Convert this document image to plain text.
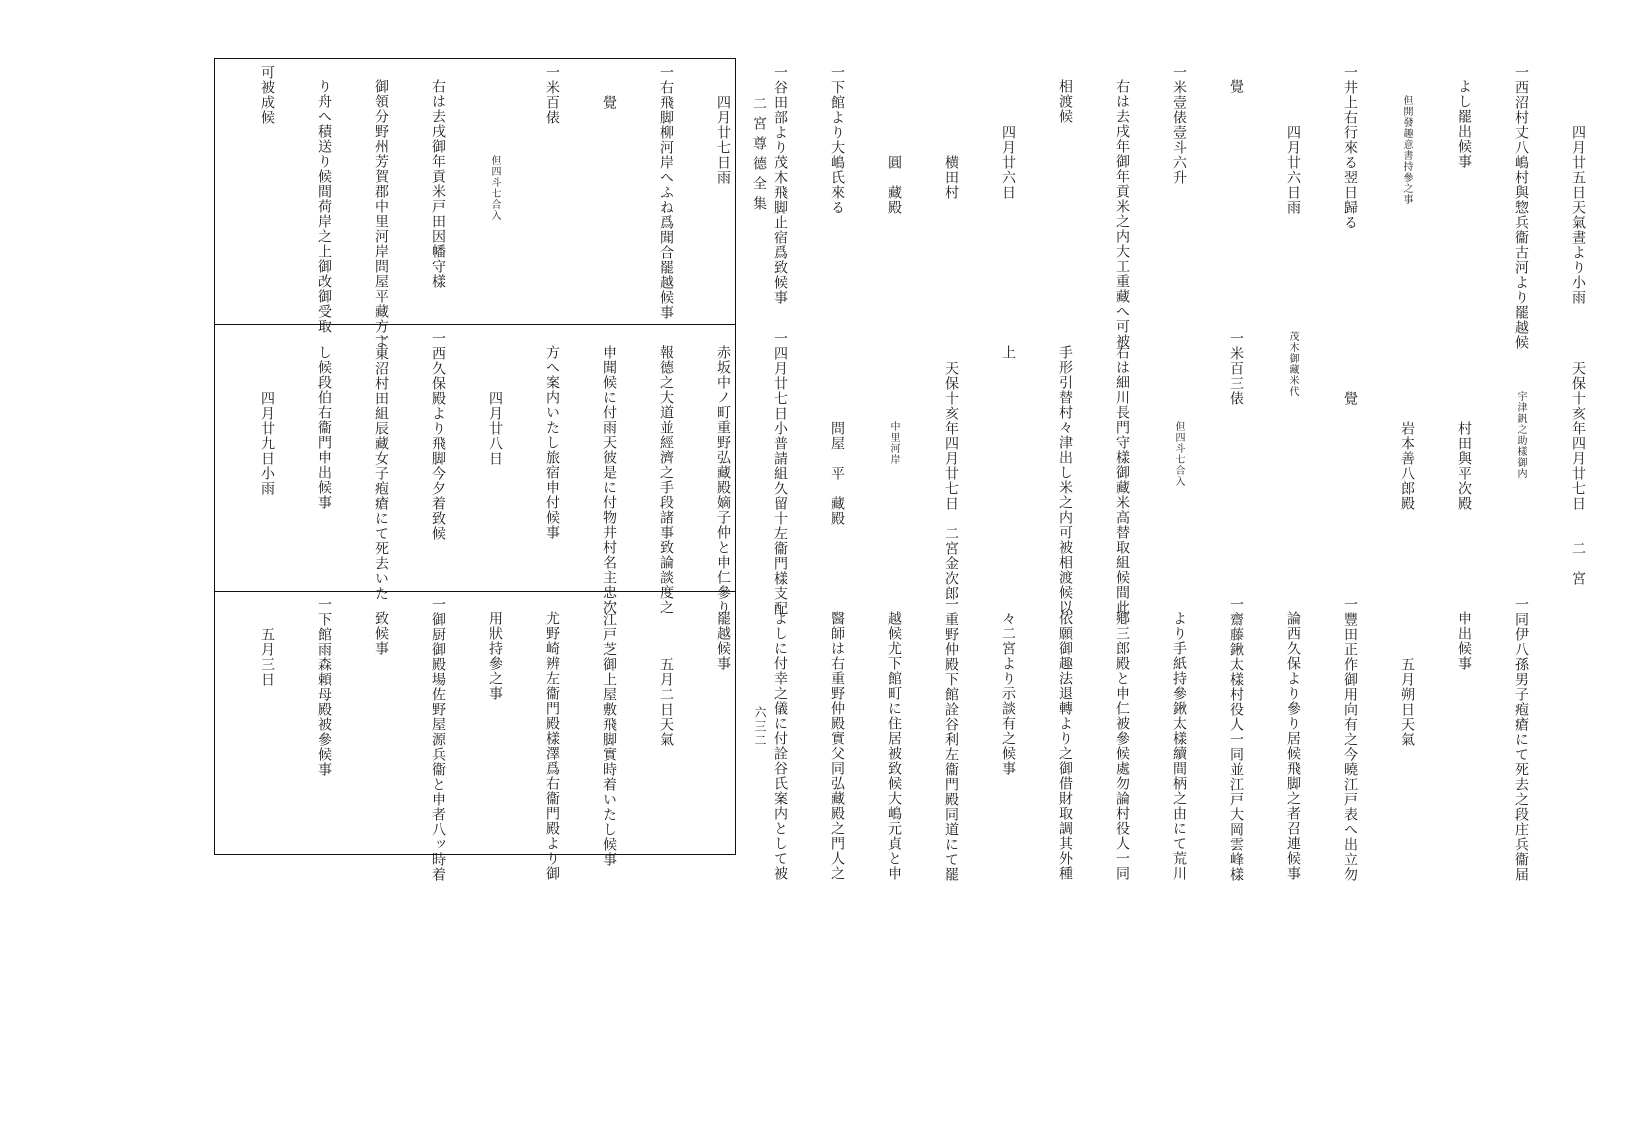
二宮尊德全集

	四月廿五日天氣晝より小雨

一西沼村丈八嶋村與惣兵衞古河より罷越候

よし罷出候事

但開發趣意書持參之事

一井上右行來る翌日歸る

四月廿六日雨

覺

一米壹俵壹斗六升

右は去戌年御年貢米之内大工重藏へ可被

相渡候

四月廿六日

横田村

圓　藏殿

一下館より大嶋氏來る

一谷田部より茂木飛脚止宿爲致候事

四月廿七日雨

一右飛脚柳河岸へふね爲聞合罷越候事

覺

一米百俵

但四斗七合入

右は去戌御年貢米戸田因幡守樣

御領分野州芳賀郡中里河岸問屋平藏方よ

り舟へ積送り候間荷岸之上御改御受取

可被成候

天保十亥年四月廿七日　　二　宮

宇津釩之助樣御内

村田與平次殿

岩本善八郎殿

覺

茂木御藏米代

一米百三俵

但四斗七合入

右は細川長門守樣御藏米高替取組候間此

手形引替村々津出し米之内可被相渡候以

上

天保十亥年四月廿七日　二宮金次郎

中里河岸

問屋　平　藏殿

一四月廿七日小普請組久留十左衞門樣支配

赤坂中ノ町重野弘藏殿嫡子仲と申仁參り

報德之大道並經濟之手段諸事致論談度之

申聞候に付雨天彼是に付物井村名主忠次

方へ案内いたし旅宿申付候事

四月廿八日

一西久保殿より飛脚今夕着致候

一東沼村田組辰藏女子疱瘡にて死去いた

し候段伯右衞門申出候事

四月廿九日小雨

一同伊八孫男子疱瘡にて死去之段庄兵衞届

申出候事

五月朔日天氣

一豐田正作御用向有之今曉江戸表へ出立勿

論西久保より參り居候飛脚之者召連候事

一齋藤鍬太樣村役人一同並江戸大岡雲峰樣

より手紙持參鍬太樣續間柄之由にて荒川

鄕三郎殿と申仁被參候處勿論村役人一同

依願御趣法退轉より之御借財取調其外種

々二宮より示談有之候事

一重野仲殿下館詮谷利左衞門殿同道にて罷

越候尤下館町に住居被致候大嶋元貞と申

醫師は右重野仲殿實父同弘藏殿之門人之

よしに付幸之儀に付詮谷氏案内として被

罷越候事

五月二日天氣

一江戸芝御上屋敷飛脚實時着いたし候事

尤野崎辨左衞門殿樣澤爲右衞門殿より御

用狀持參之事

一御厨御殿場佐野屋源兵衞と申者八ッ時着

致候事

一下館雨森頼母殿被參候事

五月三日

六三二
